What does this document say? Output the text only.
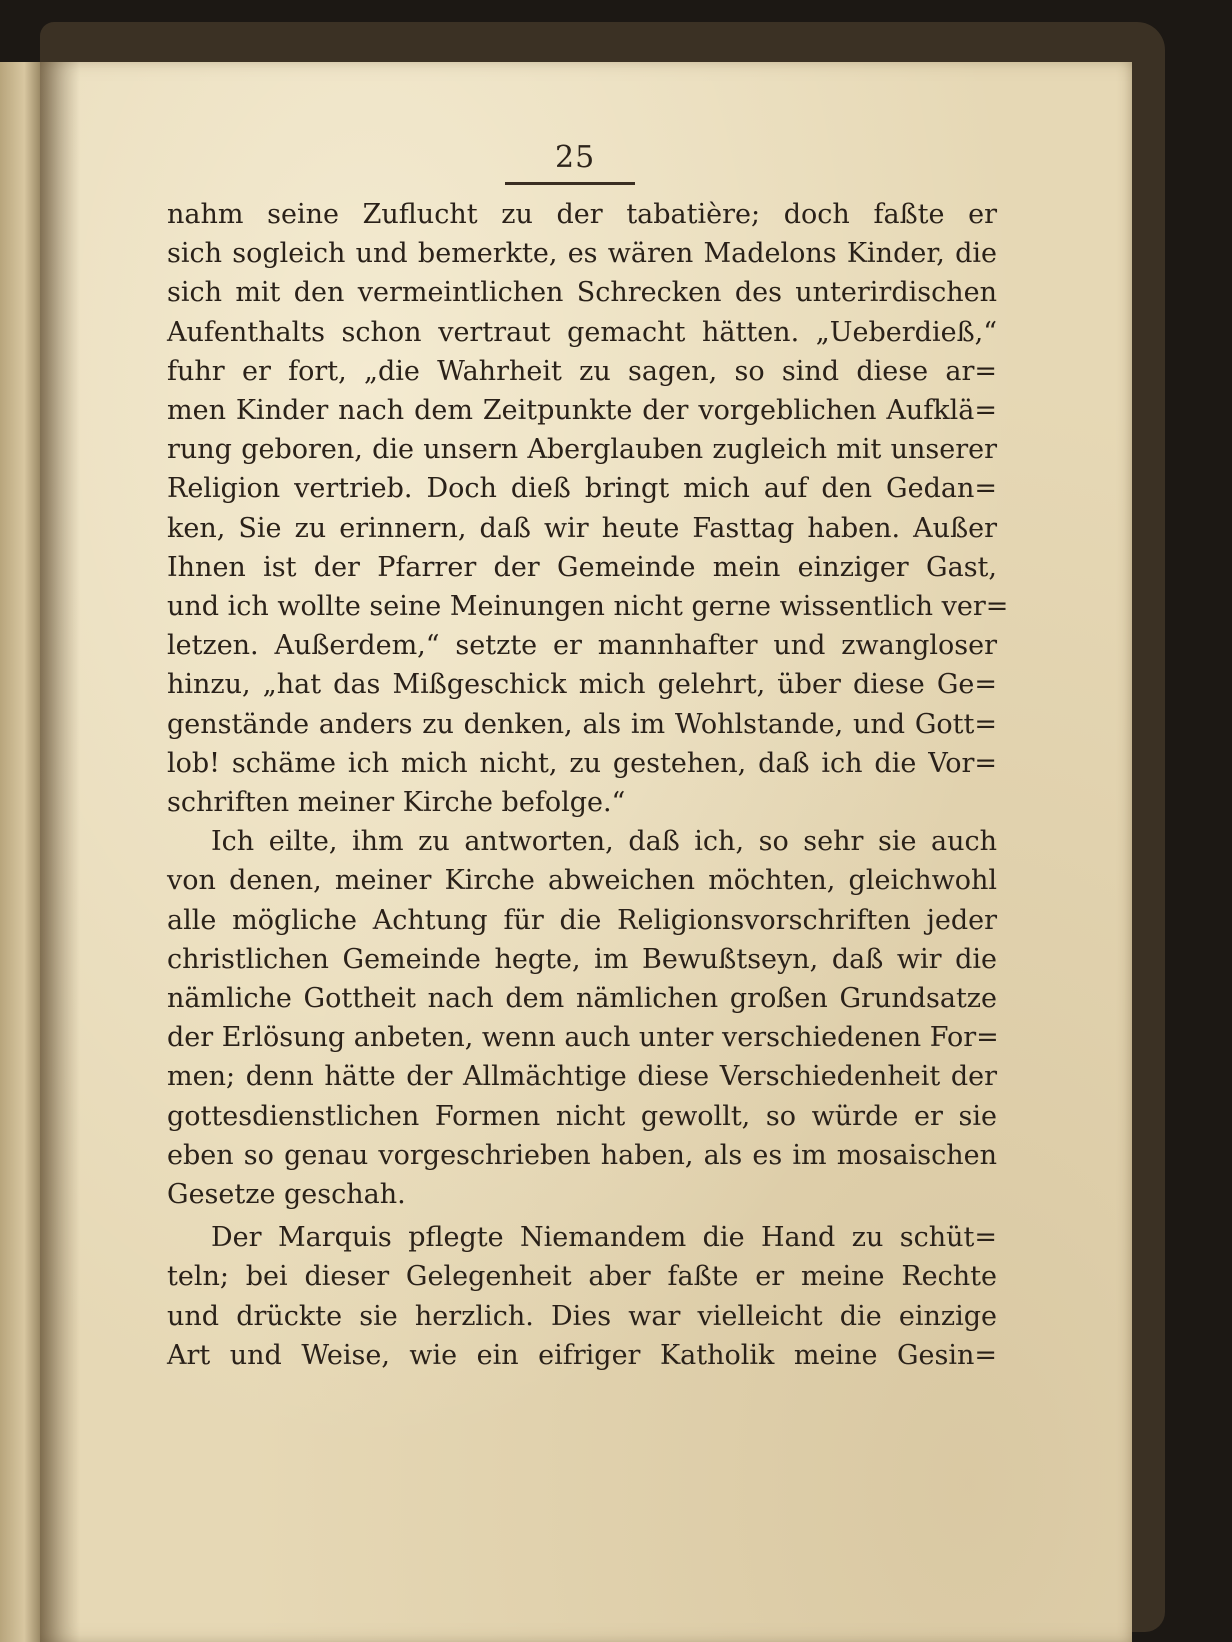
25
nahm seine Zuflucht zu der tabatière; doch faßte er
sich sogleich und bemerkte, es wären Madelons Kinder, die
sich mit den vermeintlichen Schrecken des unterirdischen
Aufenthalts schon vertraut gemacht hätten. „Ueberdieß,“
fuhr er fort, „die Wahrheit zu sagen, so sind diese ar=
men Kinder nach dem Zeitpunkte der vorgeblichen Aufklä=
rung geboren, die unsern Aberglauben zugleich mit unserer
Religion vertrieb. Doch dieß bringt mich auf den Gedan=
ken, Sie zu erinnern, daß wir heute Fasttag haben. Außer
Ihnen ist der Pfarrer der Gemeinde mein einziger Gast,
und ich wollte seine Meinungen nicht gerne wissentlich ver=
letzen. Außerdem,“ setzte er mannhafter und zwangloser
hinzu, „hat das Mißgeschick mich gelehrt, über diese Ge=
genstände anders zu denken, als im Wohlstande, und Gott=
lob! schäme ich mich nicht, zu gestehen, daß ich die Vor=
schriften meiner Kirche befolge.“
Ich eilte, ihm zu antworten, daß ich, so sehr sie auch
von denen, meiner Kirche abweichen möchten, gleichwohl
alle mögliche Achtung für die Religionsvorschriften jeder
christlichen Gemeinde hegte, im Bewußtseyn, daß wir die
nämliche Gottheit nach dem nämlichen großen Grundsatze
der Erlösung anbeten, wenn auch unter verschiedenen For=
men; denn hätte der Allmächtige diese Verschiedenheit der
gottesdienstlichen Formen nicht gewollt, so würde er sie
eben so genau vorgeschrieben haben, als es im mosaischen
Gesetze geschah.
Der Marquis pflegte Niemandem die Hand zu schüt=
teln; bei dieser Gelegenheit aber faßte er meine Rechte
und drückte sie herzlich. Dies war vielleicht die einzige
Art und Weise, wie ein eifriger Katholik meine Gesin=
